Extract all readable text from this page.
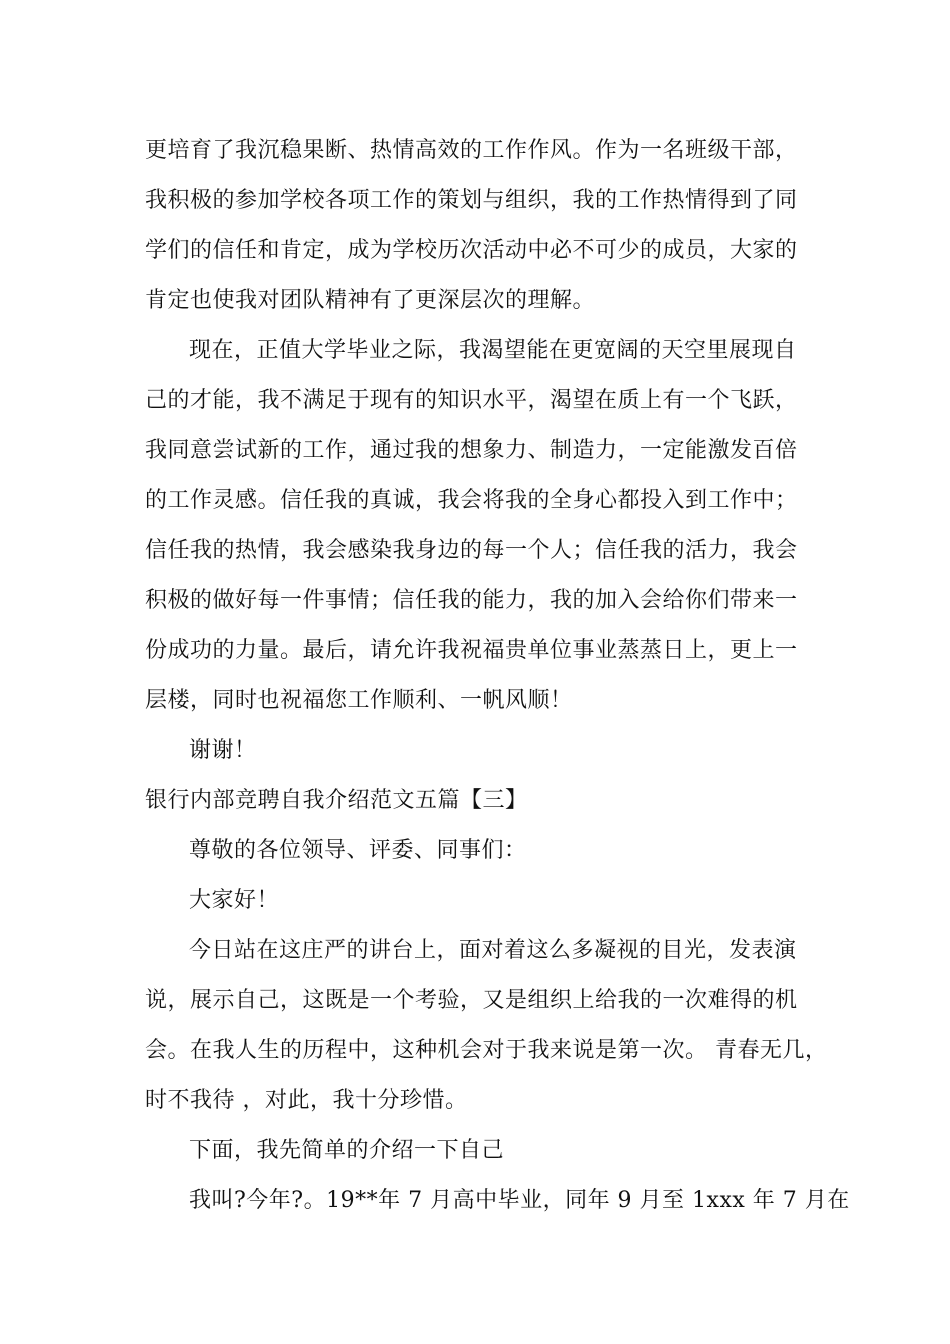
更培育了我沉稳果断、热情高效的工作作风。作为一名班级干部，
我积极的参加学校各项工作的策划与组织，我的工作热情得到了同
学们的信任和肯定，成为学校历次活动中必不可少的成员，大家的
肯定也使我对团队精神有了更深层次的理解。
现在，正值大学毕业之际，我渴望能在更宽阔的天空里展现自
己的才能，我不满足于现有的知识水平，渴望在质上有一个飞跃，
我同意尝试新的工作，通过我的想象力、制造力，一定能激发百倍
的工作灵感。信任我的真诚，我会将我的全身心都投入到工作中；
信任我的热情，我会感染我身边的每一个人；信任我的活力，我会
积极的做好每一件事情；信任我的能力，我的加入会给你们带来一
份成功的力量。最后，请允许我祝福贵单位事业蒸蒸日上，更上一
层楼，同时也祝福您工作顺利、一帆风顺！
谢谢！
银行内部竞聘自我介绍范文五篇【三】
尊敬的各位领导、评委、同事们：
大家好！
今日站在这庄严的讲台上，面对着这么多凝视的目光，发表演
说，展示自己，这既是一个考验，又是组织上给我的一次难得的机
会。在我人生的历程中，这种机会对于我来说是第一次。 青春无几，
时不我待 ，对此，我十分珍惜。
下面，我先简单的介绍一下自己
我叫?今年?。19**年 7 月高中毕业，同年 9 月至 1xxx 年 7 月在
